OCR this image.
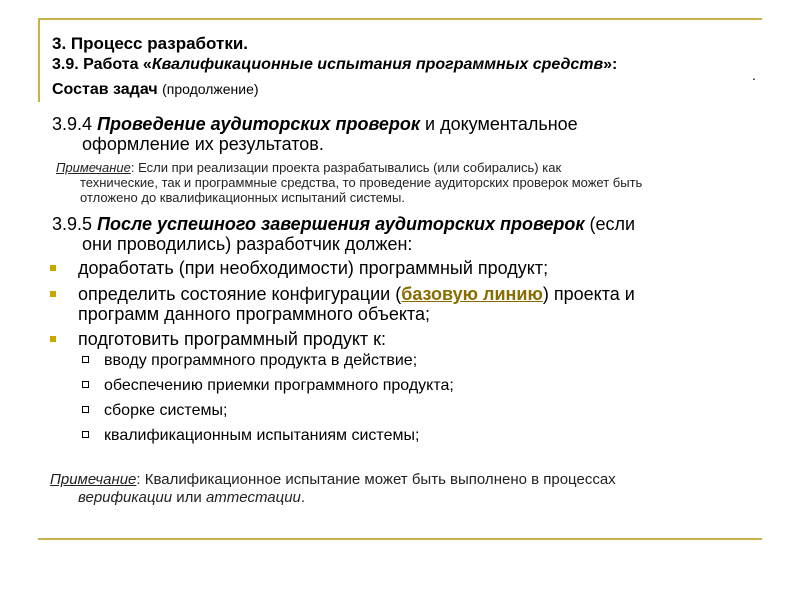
.
3. Процесс разработки.
3.9. Работа «Квалификационные испытания программных средств»:
Состав задач (продолжение)
3.9.4 Проведение аудиторских проверок и документальное
оформление их результатов.
Примечание: Если при реализации проекта разрабатывались (или собирались) как
технические, так и программные средства, то проведение аудиторских проверок может быть
отложено до квалификационных испытаний системы.
3.9.5 После успешного завершения аудиторских проверок (если
они проводились) разработчик должен:
доработать (при необходимости) программный продукт;
определить состояние конфигурации (базовую линию) проекта и
программ данного программного объекта;
подготовить программный продукт к:
вводу программного продукта в действие;
обеспечению приемки программного продукта;
сборке системы;
квалификационным испытаниям системы;
Примечание: Квалификационное испытание может быть выполнено в процессах
верификации или аттестации.
